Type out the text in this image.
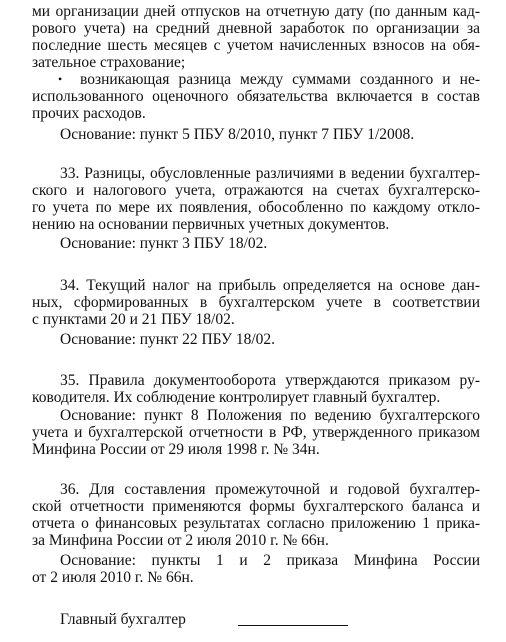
ми организации дней отпусков на отчетную дату (по данным кад-
рового учета) на средний дневной заработок по организации за
последние шесть месяцев с учетом начисленных взносов на обя-
зательное страхование;
• возникающая разница между суммами созданного и не-
использованного оценочного обязательства включается в состав
прочих расходов.
Основание: пункт 5 ПБУ 8/2010, пункт 7 ПБУ 1/2008.
33. Разницы, обусловленные различиями в ведении бухгалтер-
ского и налогового учета, отражаются на счетах бухгалтерско-
го учета по мере их появления, обособленно по каждому откло-
нению на основании первичных учетных документов.
Основание: пункт 3 ПБУ 18/02.
34. Текущий налог на прибыль определяется на основе дан-
ных, сформированных в бухгалтерском учете в соответствии
с пунктами 20 и 21 ПБУ 18/02.
Основание: пункт 22 ПБУ 18/02.
35. Правила документооборота утверждаются приказом ру-
ководителя. Их соблюдение контролирует главный бухгалтер.
Основание: пункт 8 Положения по ведению бухгалтерского
учета и бухгалтерской отчетности в РФ, утвержденного приказом
Минфина России от 29 июля 1998 г. № 34н.
36. Для составления промежуточной и годовой бухгалтер-
ской отчетности применяются формы бухгалтерского баланса и
отчета о финансовых результатах согласно приложению 1 прика-
за Минфина России от 2 июля 2010 г. № 66н.
Основание: пункты 1 и 2 приказа Минфина России
от 2 июля 2010 г. № 66н.
Главный бухгалтер
